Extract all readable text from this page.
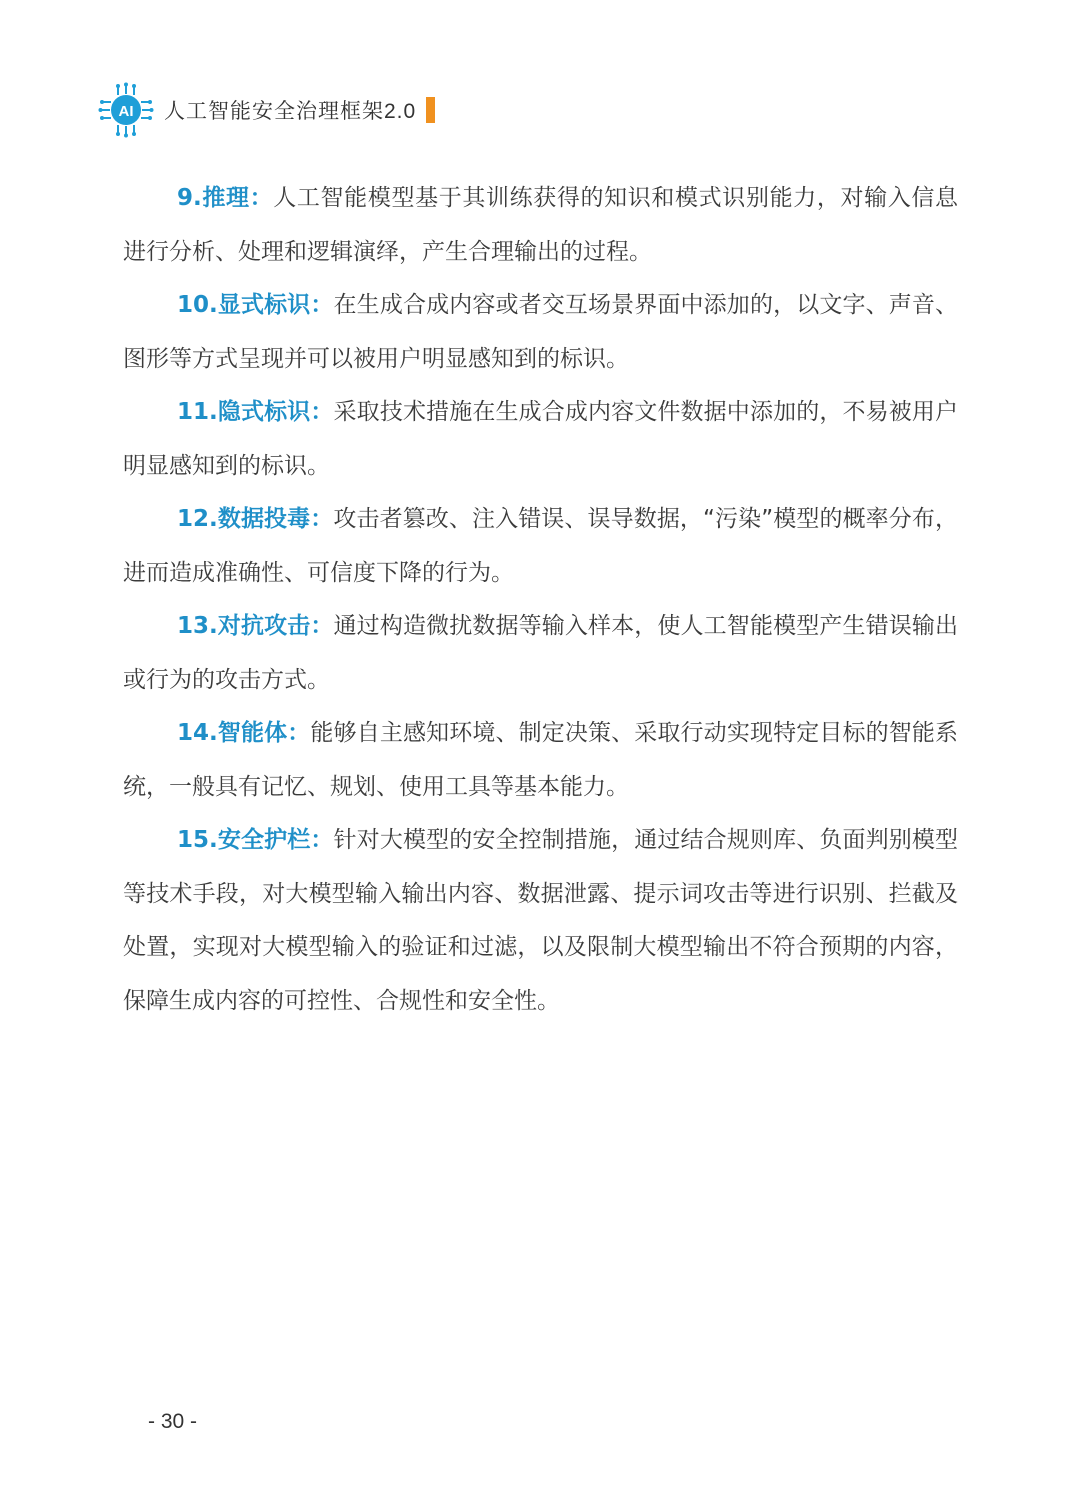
AI 人工智能安全治理框架2.0

9.推理：人工智能模型基于其训练获得的知识和模式识别能力，对输入信息进行分析、处理和逻辑演绎，产生合理输出的过程。

10.显式标识：在生成合成内容或者交互场景界面中添加的，以文字、声音、图形等方式呈现并可以被用户明显感知到的标识。

11.隐式标识：采取技术措施在生成合成内容文件数据中添加的，不易被用户明显感知到的标识。

12.数据投毒：攻击者篡改、注入错误、误导数据，“污染”模型的概率分布，进而造成准确性、可信度下降的行为。

13.对抗攻击：通过构造微扰数据等输入样本，使人工智能模型产生错误输出或行为的攻击方式。

14.智能体：能够自主感知环境、制定决策、采取行动实现特定目标的智能系统，一般具有记忆、规划、使用工具等基本能力。

15.安全护栏：针对大模型的安全控制措施，通过结合规则库、负面判别模型等技术手段，对大模型输入输出内容、数据泄露、提示词攻击等进行识别、拦截及处置，实现对大模型输入的验证和过滤，以及限制大模型输出不符合预期的内容，保障生成内容的可控性、合规性和安全性。

- 30 -
